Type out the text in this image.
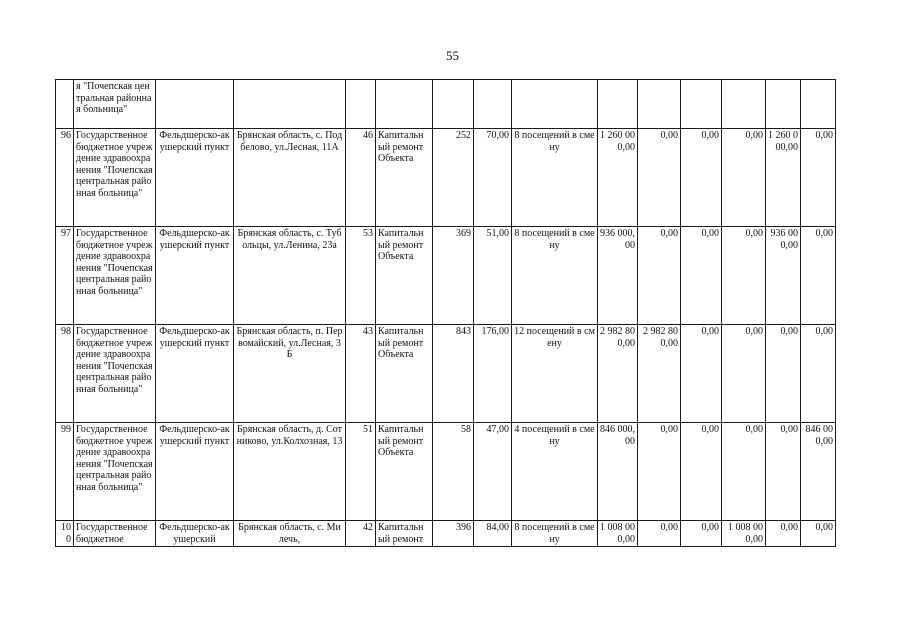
55
	я "Почепская центральная районная больница"													
96	Государственное бюджетное учреждение здравоохранения "Почепская центральная районная больница"	Фельдшерско-акушерский пункт	Брянская область, с. Подбелово, ул.Лесная, 11А	46	Капитальный ремонт Объекта	252	70,00	8 посещений в смену	1 260 000,00	0,00	0,00	0,00	1 260 000,00	0,00
97	Государственное бюджетное учреждение здравоохранения "Почепская центральная районная больница"	Фельдшерско-акушерский пункт	Брянская область, с. Тубольцы, ул.Ленина, 23а	53	Капитальный ремонт Объекта	369	51,00	8 посещений в смену	936 000,00	0,00	0,00	0,00	936 000,00	0,00
98	Государственное бюджетное учреждение здравоохранения "Почепская центральная районная больница"	Фельдшерско-акушерский пункт	Брянская область, п. Первомайский, ул.Лесная, 3Б	43	Капитальный ремонт Объекта	843	176,00	12 посещений в смену	2 982 800,00	2 982 800,00	0,00	0,00	0,00	0,00
99	Государственное бюджетное учреждение здравоохранения "Почепская центральная районная больница"	Фельдшерско-акушерский пункт	Брянская область, д. Сотниково, ул.Колхозная, 13	51	Капитальный ремонт Объекта	58	47,00	4 посещений в смену	846 000,00	0,00	0,00	0,00	0,00	846 000,00
100	Государственное бюджетное	Фельдшерско-акушерский	Брянская область, с. Милечь,	42	Капитальный ремонт	396	84,00	8 посещений в смену	1 008 000,00	0,00	0,00	1 008 000,00	0,00	0,00
